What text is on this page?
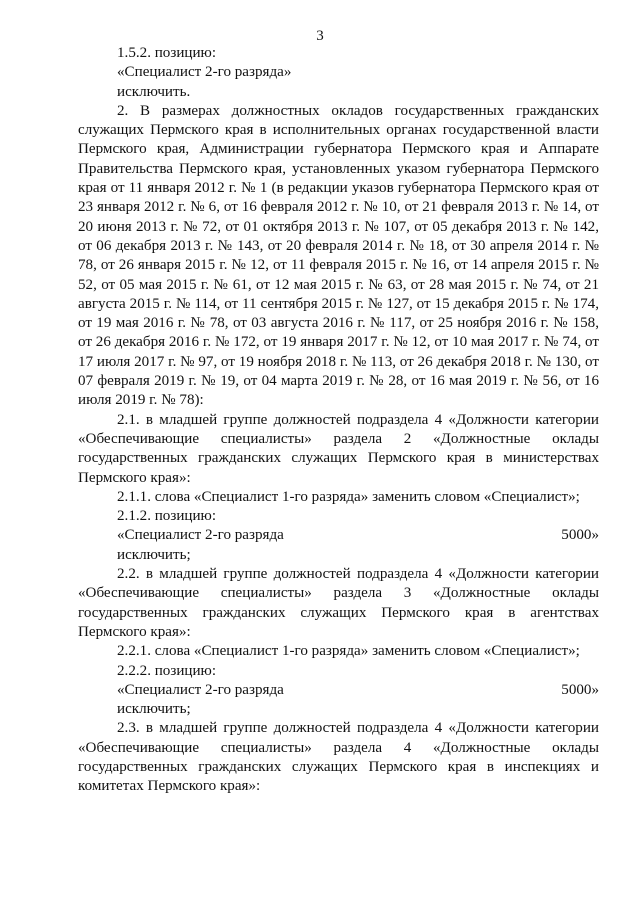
3

1.5.2. позицию:

«Специалист 2-го разряда»

исключить.

2. В размерах должностных окладов государственных гражданских служащих Пермского края в исполнительных органах государственной власти Пермского края, Администрации губернатора Пермского края и Аппарате Правительства Пермского края, установленных указом губернатора Пермского края от 11 января 2012 г. № 1 (в редакции указов губернатора Пермского края от 23 января 2012 г. № 6, от 16 февраля 2012 г. № 10, от 21 февраля 2013 г. № 14, от 20 июня 2013 г. № 72, от 01 октября 2013 г. № 107, от 05 декабря 2013 г. № 142, от 06 декабря 2013 г. № 143, от 20 февраля 2014 г. № 18, от 30 апреля 2014 г. № 78, от 26 января 2015 г. № 12, от 11 февраля 2015 г. № 16, от 14 апреля 2015 г. № 52, от 05 мая 2015 г. № 61, от 12 мая 2015 г. № 63, от 28 мая 2015 г. № 74, от 21 августа 2015 г. № 114, от 11 сентября 2015 г. № 127, от 15 декабря 2015 г. № 174, от 19 мая 2016 г. № 78, от 03 августа 2016 г. № 117, от 25 ноября 2016 г. № 158, от 26 декабря 2016 г. № 172, от 19 января 2017 г. № 12, от 10 мая 2017 г. № 74, от 17 июля 2017 г. № 97, от 19 ноября 2018 г. № 113, от 26 декабря 2018 г. № 130, от 07 февраля 2019 г. № 19, от 04 марта 2019 г. № 28, от 16 мая 2019 г. № 56, от 16 июля 2019 г. № 78):

2.1. в младшей группе должностей подраздела 4 «Должности категории «Обеспечивающие специалисты» раздела 2 «Должностные оклады государственных гражданских служащих Пермского края в министерствах Пермского края»:

2.1.1. слова «Специалист 1-го разряда» заменить словом «Специалист»;

2.1.2. позицию:

«Специалист 2-го разряда	5000»

исключить;

2.2. в младшей группе должностей подраздела 4 «Должности категории «Обеспечивающие специалисты» раздела 3 «Должностные оклады государственных гражданских служащих Пермского края в агентствах Пермского края»:

2.2.1. слова «Специалист 1-го разряда» заменить словом «Специалист»;

2.2.2. позицию:

«Специалист 2-го разряда	5000»

исключить;

2.3. в младшей группе должностей подраздела 4 «Должности категории «Обеспечивающие специалисты» раздела 4 «Должностные оклады государственных гражданских служащих Пермского края в инспекциях и комитетах Пермского края»:
